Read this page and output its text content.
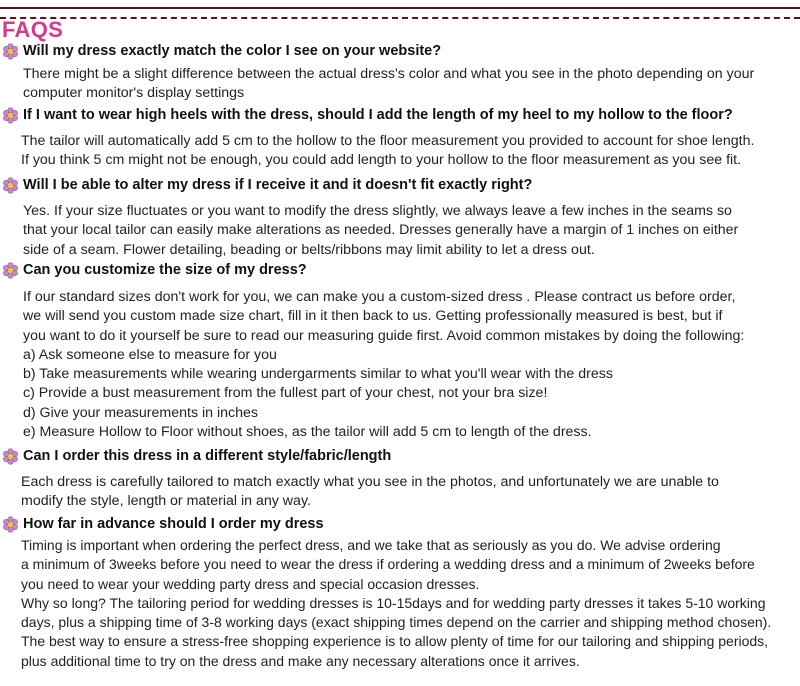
FAQS
Will my dress exactly match the color I see on your website?
There might be a slight difference between the actual dress's color and what you see in the photo depending on your
computer monitor's display settings
If I want to wear high heels with the dress, should I add the length of my heel to my hollow to the floor?
The tailor will automatically add 5 cm to the hollow to the floor measurement you provided to account for shoe length.
If you think 5 cm might not be enough, you could add length to your hollow to the floor measurement as you see fit.
Will I be able to alter my dress if I receive it and it doesn't fit exactly right?
Yes. If your size fluctuates or you want to modify the dress slightly, we always leave a few inches in the seams so
that your local tailor can easily make alterations as needed. Dresses generally have a margin of 1 inches on either
side of a seam. Flower detailing, beading or belts/ribbons may limit ability to let a dress out.
Can you customize the size of my dress?
If our standard sizes don't work for you, we can make you a custom-sized dress . Please contract us before order,
we will send you custom made size chart, fill in it then back to us. Getting professionally measured is best, but if
you want to do it yourself be sure to read our measuring guide first. Avoid common mistakes by doing the following:
a) Ask someone else to measure for you
b) Take measurements while wearing undergarments similar to what you'll wear with the dress
c) Provide a bust measurement from the fullest part of your chest, not your bra size!
d) Give your measurements in inches
e) Measure Hollow to Floor without shoes, as the tailor will add 5 cm to length of the dress.
Can I order this dress in a different style/fabric/length
Each dress is carefully tailored to match exactly what you see in the photos, and unfortunately we are unable to
modify the style, length or material in any way.
How far in advance should I order my dress
Timing is important when ordering the perfect dress, and we take that as seriously as you do. We advise ordering
a minimum of 3weeks before you need to wear the dress if ordering a wedding dress and a minimum of 2weeks before
you need to wear your wedding party dress and special occasion dresses.
Why so long? The tailoring period for wedding dresses is 10-15days and for wedding party dresses it takes 5-10 working
days, plus a shipping time of 3-8 working days (exact shipping times depend on the carrier and shipping method chosen).
The best way to ensure a stress-free shopping experience is to allow plenty of time for our tailoring and shipping periods,
plus additional time to try on the dress and make any necessary alterations once it arrives.
